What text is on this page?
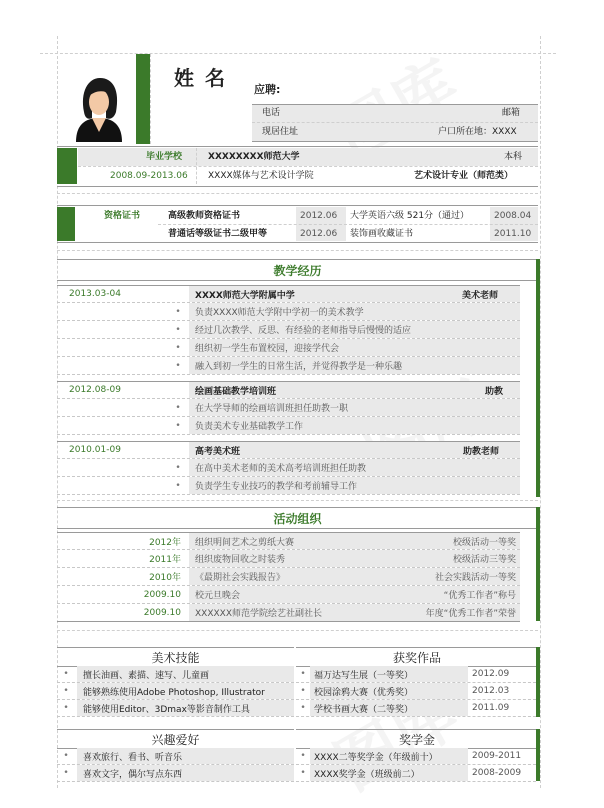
姓 名 应聘:
电话	邮箱
现居住址	户口所在地：XXXX
毕业学校	XXXXXXXX师范大学	本科
2008.09-2013.06 XXXX媒体与艺术设计学院	艺术设计专业（师范类）
资格证书	高级教师资格证书	2012.06 大学英语六级 521分（通过）	2008.04
普通话等级证书二级甲等	2012.06 装饰画收藏证书	2011.10
教学经历
2013.03-04	XXXX师范大学附属中学	美术老师
•	负责XXXX师范大学附中学初一的美术教学
•	经过几次教学、反思、有经验的老师指导后慢慢的适应
•	组织初一学生布置校园，迎接学代会
•	融入到初一学生的日常生活，并觉得教学是一种乐趣
2012.08-09	绘画基础教学培训班	助教
•	在大学导师的绘画培训班担任助教一职
•	负责美术专业基础教学工作
2010.01-09	高考美术班	助教老师
•	在高中美术老师的美术高考培训班担任助教
•	负责学生专业技巧的教学和考前辅导工作
活动组织
2012年	组织明间艺术之剪纸大赛	校级活动一等奖
2011年	组织废物回收之时装秀	校级活动三等奖
2010年	《最期社会实践报告》	社会实践活动一等奖
2009.10	校元旦晚会	“优秀工作者”称号
2009.10	XXXXXX师范学院绘艺社副社长	年度“优秀工作者”荣誉
美术技能	获奖作品
•	擅长油画、素描、速写、儿童画
•	能够熟练使用Adobe Photoshop, Illustrator
•	能够使用Editor、3Dmax等影音制作工具
• 福万达写生展（一等奖）	2012.09
• 校园涂鸦大赛（优秀奖）	2012.03
• 学校书画大赛（二等奖）	2011.09
兴趣爱好	奖学金
•	喜欢旅行、看书、听音乐
•	喜欢文字，偶尔写点东西
• XXXX二等奖学金（年级前十）	2009-2011
• XXXX奖学金（班级前二）	2008-2009
